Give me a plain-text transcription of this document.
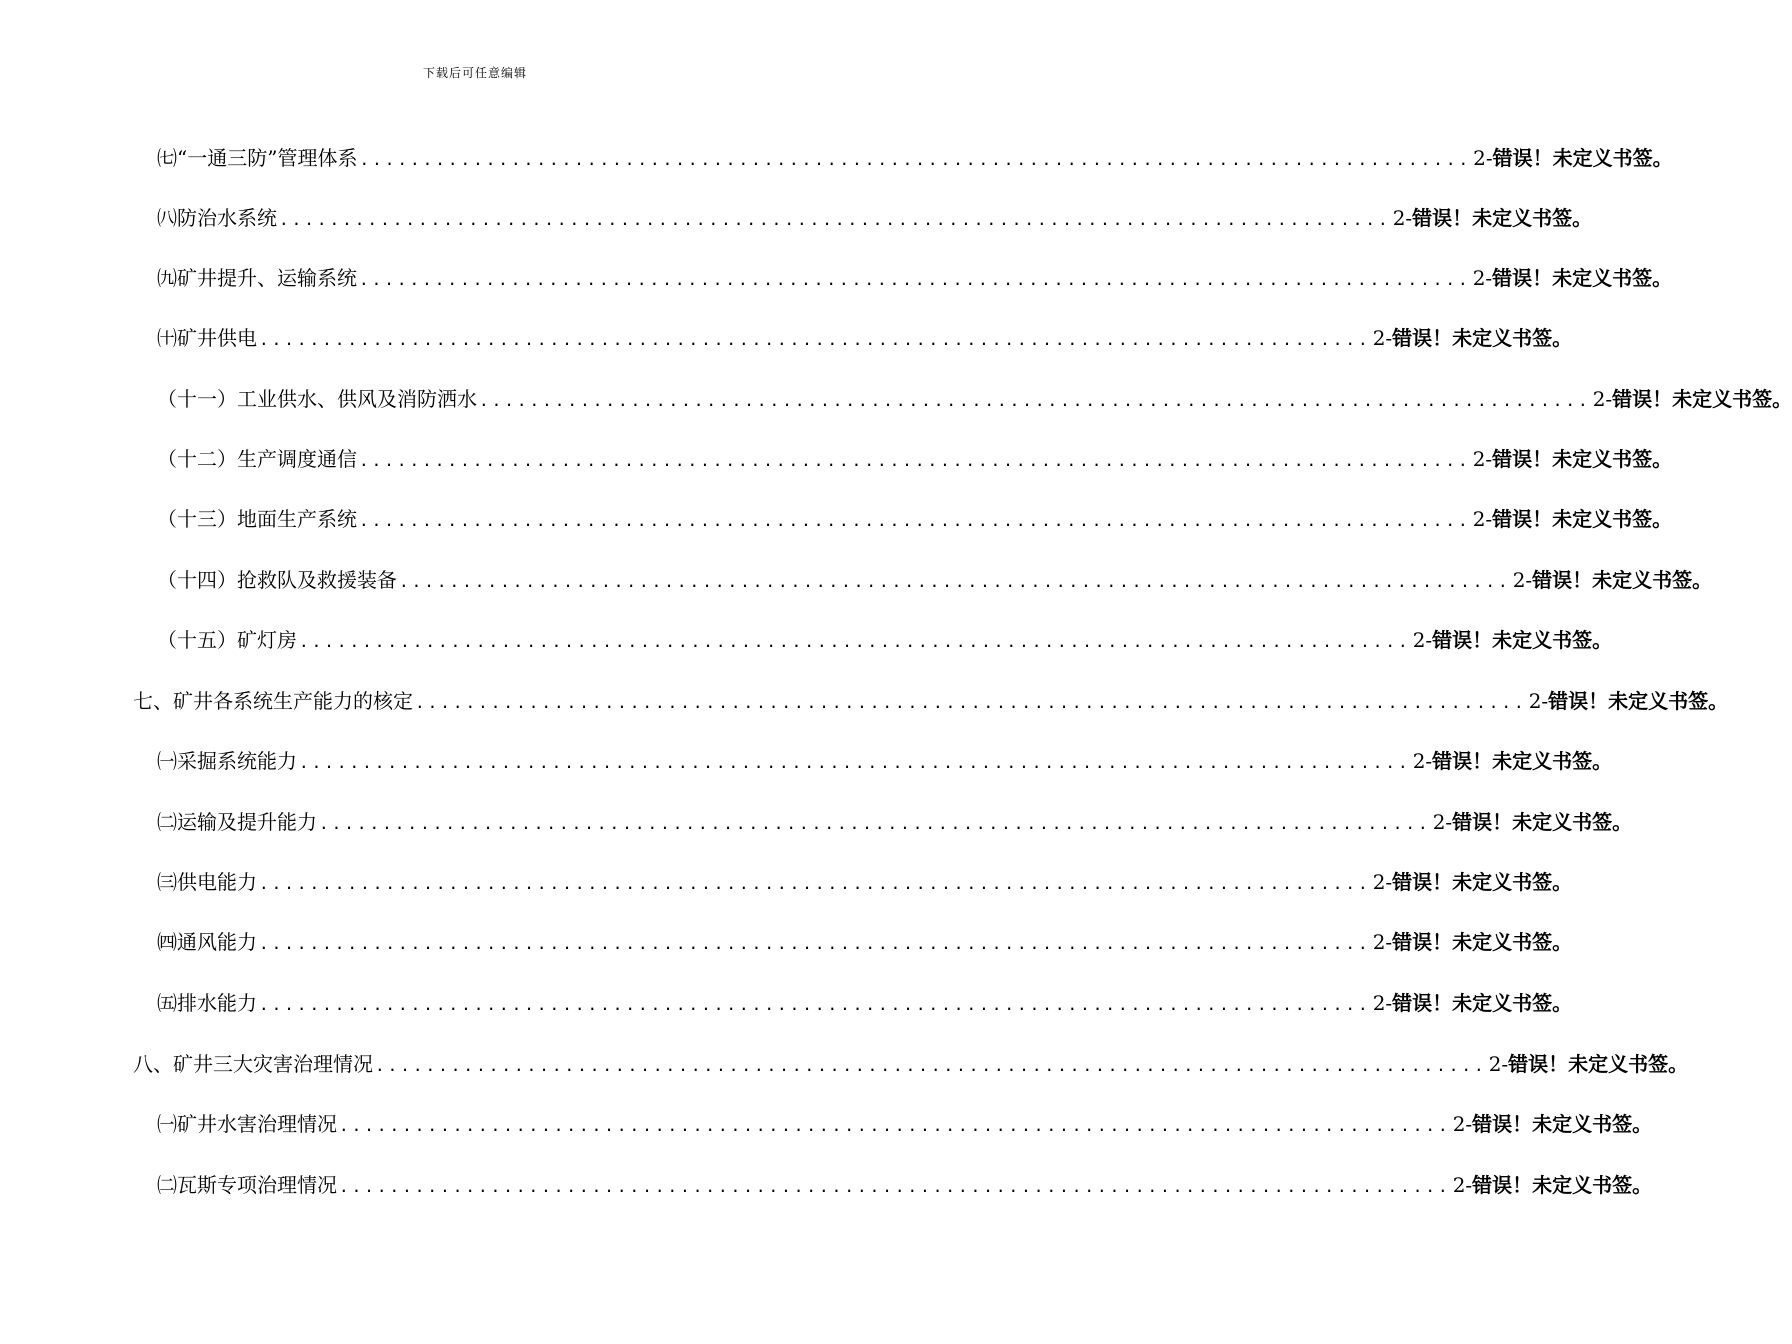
下载后可任意编辑
㈦“一通三防”管理体系 ........................................................................................ 2- 错误！未定义书签。
㈧防治水系统 ........................................................................................ 2- 错误！未定义书签。
㈨矿井提升、运输系统 ........................................................................................ 2- 错误！未定义书签。
㈩矿井供电 ........................................................................................ 2- 错误！未定义书签。
（十一）工业供水、供风及消防洒水 ........................................................................................ 2- 错误！未定义书签。
（十二）生产调度通信 ........................................................................................ 2- 错误！未定义书签。
（十三）地面生产系统 ........................................................................................ 2- 错误！未定义书签。
（十四）抢救队及救援装备 ........................................................................................ 2- 错误！未定义书签。
（十五）矿灯房 ........................................................................................ 2- 错误！未定义书签。
七、矿井各系统生产能力的核定 ........................................................................................ 2- 错误！未定义书签。
㈠采掘系统能力 ........................................................................................ 2- 错误！未定义书签。
㈡运输及提升能力 ........................................................................................ 2- 错误！未定义书签。
㈢供电能力 ........................................................................................ 2- 错误！未定义书签。
㈣通风能力 ........................................................................................ 2- 错误！未定义书签。
㈤排水能力 ........................................................................................ 2- 错误！未定义书签。
八、矿井三大灾害治理情况 ........................................................................................ 2- 错误！未定义书签。
㈠矿井水害治理情况 ........................................................................................ 2- 错误！未定义书签。
㈡瓦斯专项治理情况 ........................................................................................ 2- 错误！未定义书签。
